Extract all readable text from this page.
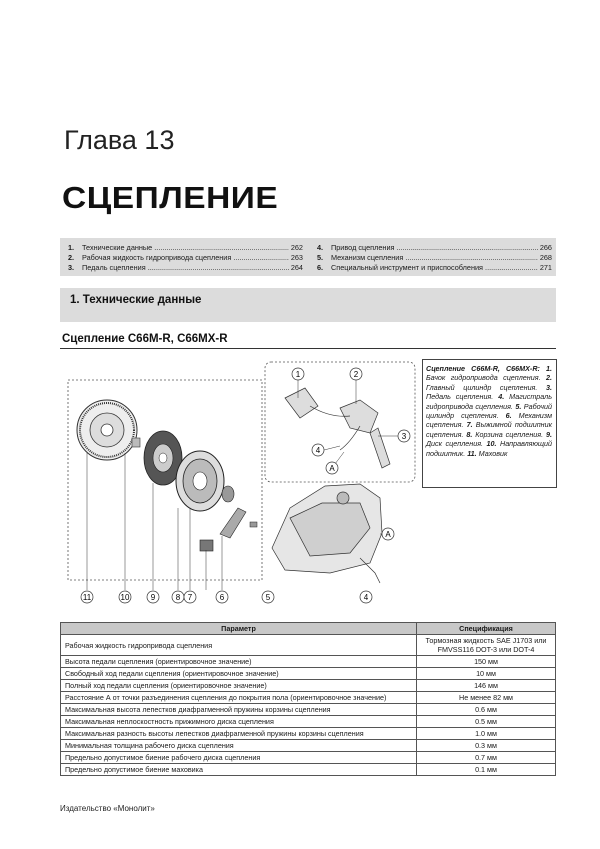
Глава 13
СЦЕПЛЕНИЕ
1.	Технические данные .....	262
2.	Рабочая жидкость гидропривода сцепления .....	263
3.	Педаль сцепления .....	264
4.	Привод сцепления .....	266
5.	Механизм сцепления .....	268
6.	Специальный инструмент и приспособления .....	271
1. Технические данные
Сцепление C66M-R, C66MX-R
11	10	9	8 7	6	5	4
1	2
3
4
A
A
Сцепление C66M-R, C66MX-R: 1. Бачок гидропривода сцепления. 2. Главный цилиндр сцепления. 3. Педаль сцепления. 4. Магистраль гидропривода сцепления. 5. Рабочий цилиндр сцепления. 6. Механизм сцепления. 7. Выжимной подшипник сцепления. 8. Корзина сцепления. 9. Диск сцепления. 10. Направляющий подшипник. 11. Маховик
Параметр	Спецификация
Рабочая жидкость гидропривода сцепления	Тормозная жидкость SAE J1703 или FMVSS116 DOT-3 или DOT-4
Высота педали сцепления (ориентировочное значение)	150 мм
Свободный ход педали сцепления (ориентировочное значение)	10 мм
Полный ход педали сцепления (ориентировочное значение)	146 мм
Расстояние А от точки разъединения сцепления до покрытия пола (ориентировочное значение)	Не менее 82 мм
Максимальная высота лепестков диафрагменной пружины корзины сцепления	0.6 мм
Максимальная неплоскостность прижимного диска сцепления	0.5 мм
Максимальная разность высоты лепестков диафрагменной пружины корзины сцепления	1.0 мм
Минимальная толщина рабочего диска сцепления	0.3 мм
Предельно допустимое биение рабочего диска сцепления	0.7 мм
Предельно допустимое биение маховика	0.1 мм
Издательство «Монолит»
